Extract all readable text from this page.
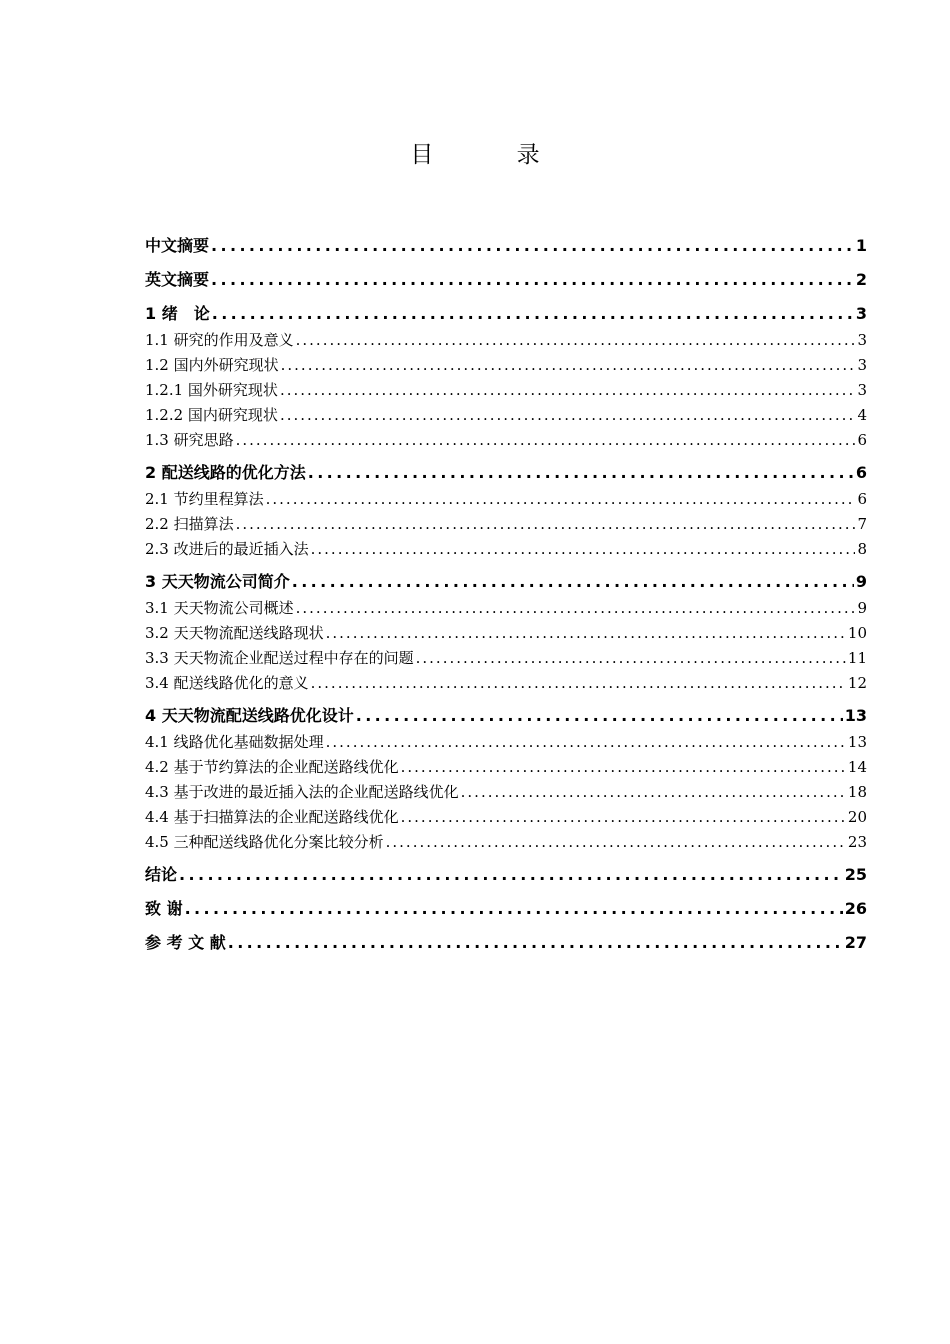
目 录
中文摘要 .....	1
英文摘要 .....	2
1 绪　论 .....	3
1.1 研究的作用及意义 .....	3
1.2 国内外研究现状 .....	3
1.2.1 国外研究现状 .....	3
1.2.2 国内研究现状 .....	4
1.3 研究思路 .....	6
2 配送线路的优化方法 .....	6
2.1 节约里程算法 .....	6
2.2 扫描算法 .....	7
2.3 改进后的最近插入法 .....	8
3 天天物流公司简介 .....	9
3.1 天天物流公司概述 .....	9
3.2 天天物流配送线路现状 .....	10
3.3 天天物流企业配送过程中存在的问题 .....	11
3.4 配送线路优化的意义 .....	12
4 天天物流配送线路优化设计 .....	13
4.1 线路优化基础数据处理 .....	13
4.2 基于节约算法的企业配送路线优化 .....	14
4.3 基于改进的最近插入法的企业配送路线优化 .....	18
4.4 基于扫描算法的企业配送路线优化 .....	20
4.5 三种配送线路优化分案比较分析 .....	23
结论 .....	25
致 谢 .....	26
参 考 文 献 .....	27
